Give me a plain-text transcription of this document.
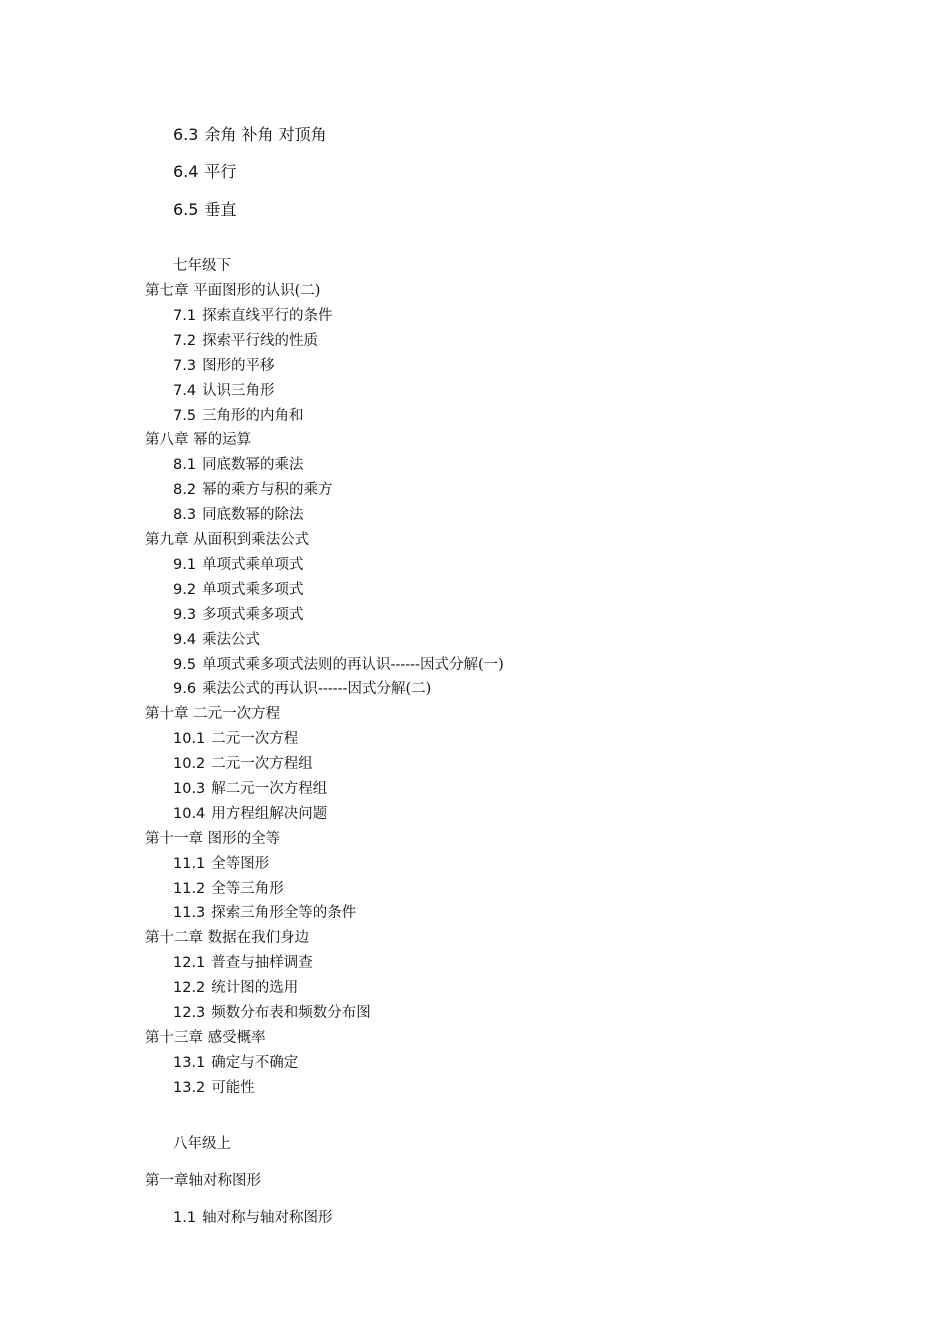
6.3 余角 补角 对顶角
6.4 平行
6.5 垂直
七年级下
第七章 平面图形的认识(二)
7.1 探索直线平行的条件
7.2 探索平行线的性质
7.3 图形的平移
7.4 认识三角形
7.5 三角形的内角和
第八章 幂的运算
8.1 同底数幂的乘法
8.2 幂的乘方与积的乘方
8.3 同底数幂的除法
第九章 从面积到乘法公式
9.1 单项式乘单项式
9.2 单项式乘多项式
9.3 多项式乘多项式
9.4 乘法公式
9.5 单项式乘多项式法则的再认识------因式分解(一)
9.6 乘法公式的再认识------因式分解(二)
第十章 二元一次方程
10.1 二元一次方程
10.2 二元一次方程组
10.3 解二元一次方程组
10.4 用方程组解决问题
第十一章 图形的全等
11.1 全等图形
11.2 全等三角形
11.3 探索三角形全等的条件
第十二章 数据在我们身边
12.1 普查与抽样调查
12.2 统计图的选用
12.3 频数分布表和频数分布图
第十三章 感受概率
13.1 确定与不确定
13.2 可能性
八年级上
第一章轴对称图形
1.1 轴对称与轴对称图形
